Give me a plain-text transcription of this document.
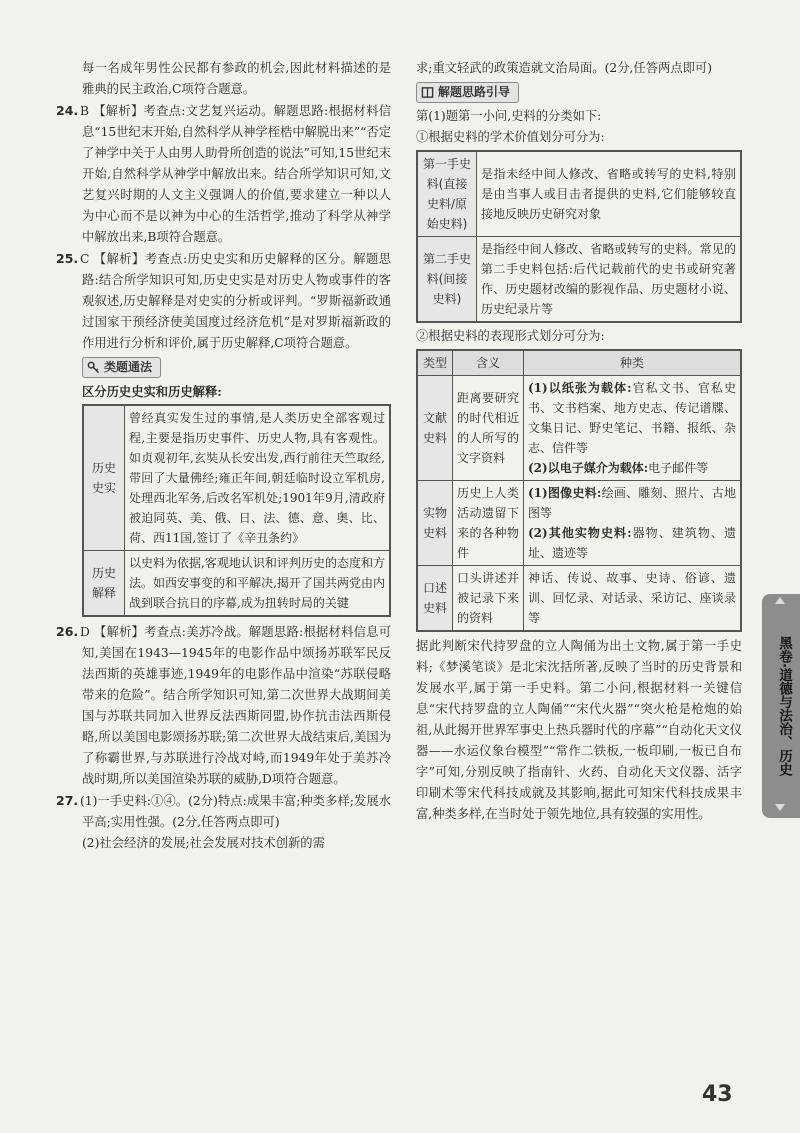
每一名成年男性公民都有参政的机会,因此材料描述的是雅典的民主政治,C项符合题意。

24. B 【解析】考查点:文艺复兴运动。解题思路:根据材料信息“15世纪末开始,自然科学从神学桎梏中解脱出来”“否定了神学中关于人由男人助骨所创造的说法”可知,15世纪末开始,自然科学从神学中解放出来。结合所学知识可知,文艺复兴时期的人文主义强调人的价值,要求建立一种以人为中心而不是以神为中心的生活哲学,推动了科学从神学中解放出来,B项符合题意。

25. C 【解析】考查点:历史史实和历史解释的区分。解题思路:结合所学知识可知,历史史实是对历史人物或事件的客观叙述,历史解释是对史实的分析或评判。“罗斯福新政通过国家干预经济使美国度过经济危机”是对罗斯福新政的作用进行分析和评价,属于历史解释,C项符合题意。

类题通法

区分历史史实和历史解释:

历史史实	曾经真实发生过的事情,是人类历史全部客观过程,主要是指历史事件、历史人物,具有客观性。如贞观初年,玄奘从长安出发,西行前往天竺取经,带回了大量佛经;雍正年间,朝廷临时设立军机房,处理西北军务,后改名军机处;1901年9月,清政府被迫同英、美、俄、日、法、德、意、奥、比、荷、西11国,签订了《辛丑条约》
历史解释	以史料为依据,客观地认识和评判历史的态度和方法。如西安事变的和平解决,揭开了国共两党由内战到联合抗日的序幕,成为扭转时局的关键

26. D 【解析】考查点:美苏冷战。解题思路:根据材料信息可知,美国在1943—1945年的电影作品中颂扬苏联军民反法西斯的英雄事迹,1949年的电影作品中渲染“苏联侵略带来的危险”。结合所学知识可知,第二次世界大战期间美国与苏联共同加入世界反法西斯同盟,协作抗击法西斯侵略,所以美国电影颂扬苏联;第二次世界大战结束后,美国为了称霸世界,与苏联进行冷战对峙,而1949年处于美苏冷战时期,所以美国渲染苏联的威胁,D项符合题意。

27. (1)一手史料:①④。(2分)特点:成果丰富;种类多样;发展水平高;实用性强。(2分,任答两点即可)

(2)社会经济的发展;社会发展对技术创新的需

求;重文轻武的政策造就文治局面。(2分,任答两点即可)

解题思路引导

第(1)题第一小问,史料的分类如下:

①根据史料的学术价值划分可分为:

第一手史料(直接史料/原始史料)	是指未经中间人修改、省略或转写的史料,特别是由当事人或目击者提供的史料,它们能够较直接地反映历史研究对象
第二手史料(间接史料)	是指经中间人修改、省略或转写的史料。常见的第二手史料包括:后代记载前代的史书或研究著作、历史题材改编的影视作品、历史题材小说、历史纪录片等

②根据史料的表现形式划分可分为:

类型	含义	种类
文献史料	距离要研究的时代相近的人所写的文字资料	(1)以纸张为载体:官私文书、官私史书、文书档案、地方史志、传记谱牒、文集日记、野史笔记、书籍、报纸、杂志、信件等
(2)以电子媒介为载体:电子邮件等
实物史料	历史上人类活动遗留下来的各种物件	(1)图像史料:绘画、雕刻、照片、古地图等
(2)其他实物史料:器物、建筑物、遗址、遗迹等
口述史料	口头讲述并被记录下来的资料	神话、传说、故事、史诗、俗谚、遗训、回忆录、对话录、采访记、座谈录等

据此判断宋代持罗盘的立人陶俑为出土文物,属于第一手史料;《梦溪笔谈》是北宋沈括所著,反映了当时的历史背景和发展水平,属于第一手史料。第二小问,根据材料一关键信息“宋代持罗盘的立人陶俑”“宋代火器”“突火枪是枪炮的始祖,从此揭开世界军事史上热兵器时代的序幕”“自动化天文仪器——水运仪象台模型”“常作二铁板,一板印刷,一板已自布字”可知,分别反映了指南针、火药、自动化天文仪器、活字印刷术等宋代科技成就及其影响,据此可知宋代科技成果丰富,种类多样,在当时处于领先地位,具有较强的实用性。

黑卷·道德与法治、历史
43
